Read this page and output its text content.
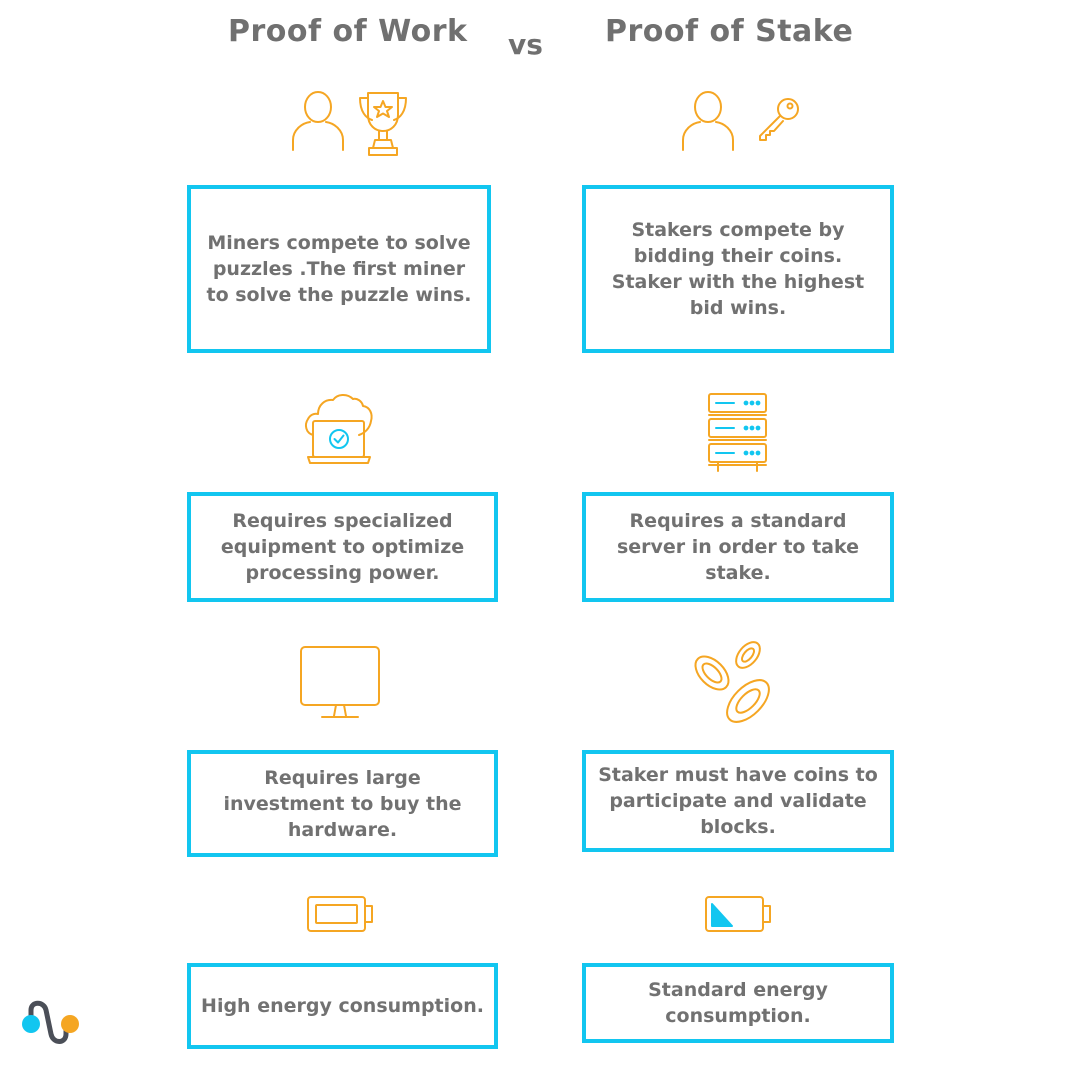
Proof of Work vs Proof of Stake
Miners compete to solve puzzles .The first miner to solve the puzzle wins.
Stakers compete by bidding their coins. Staker with the highest bid wins.
Requires specialized equipment to optimize processing power.
Requires a standard server in order to take stake.
Requires large investment to buy the hardware.
Staker must have coins to participate and validate blocks.
High energy consumption.
Standard energy consumption.
